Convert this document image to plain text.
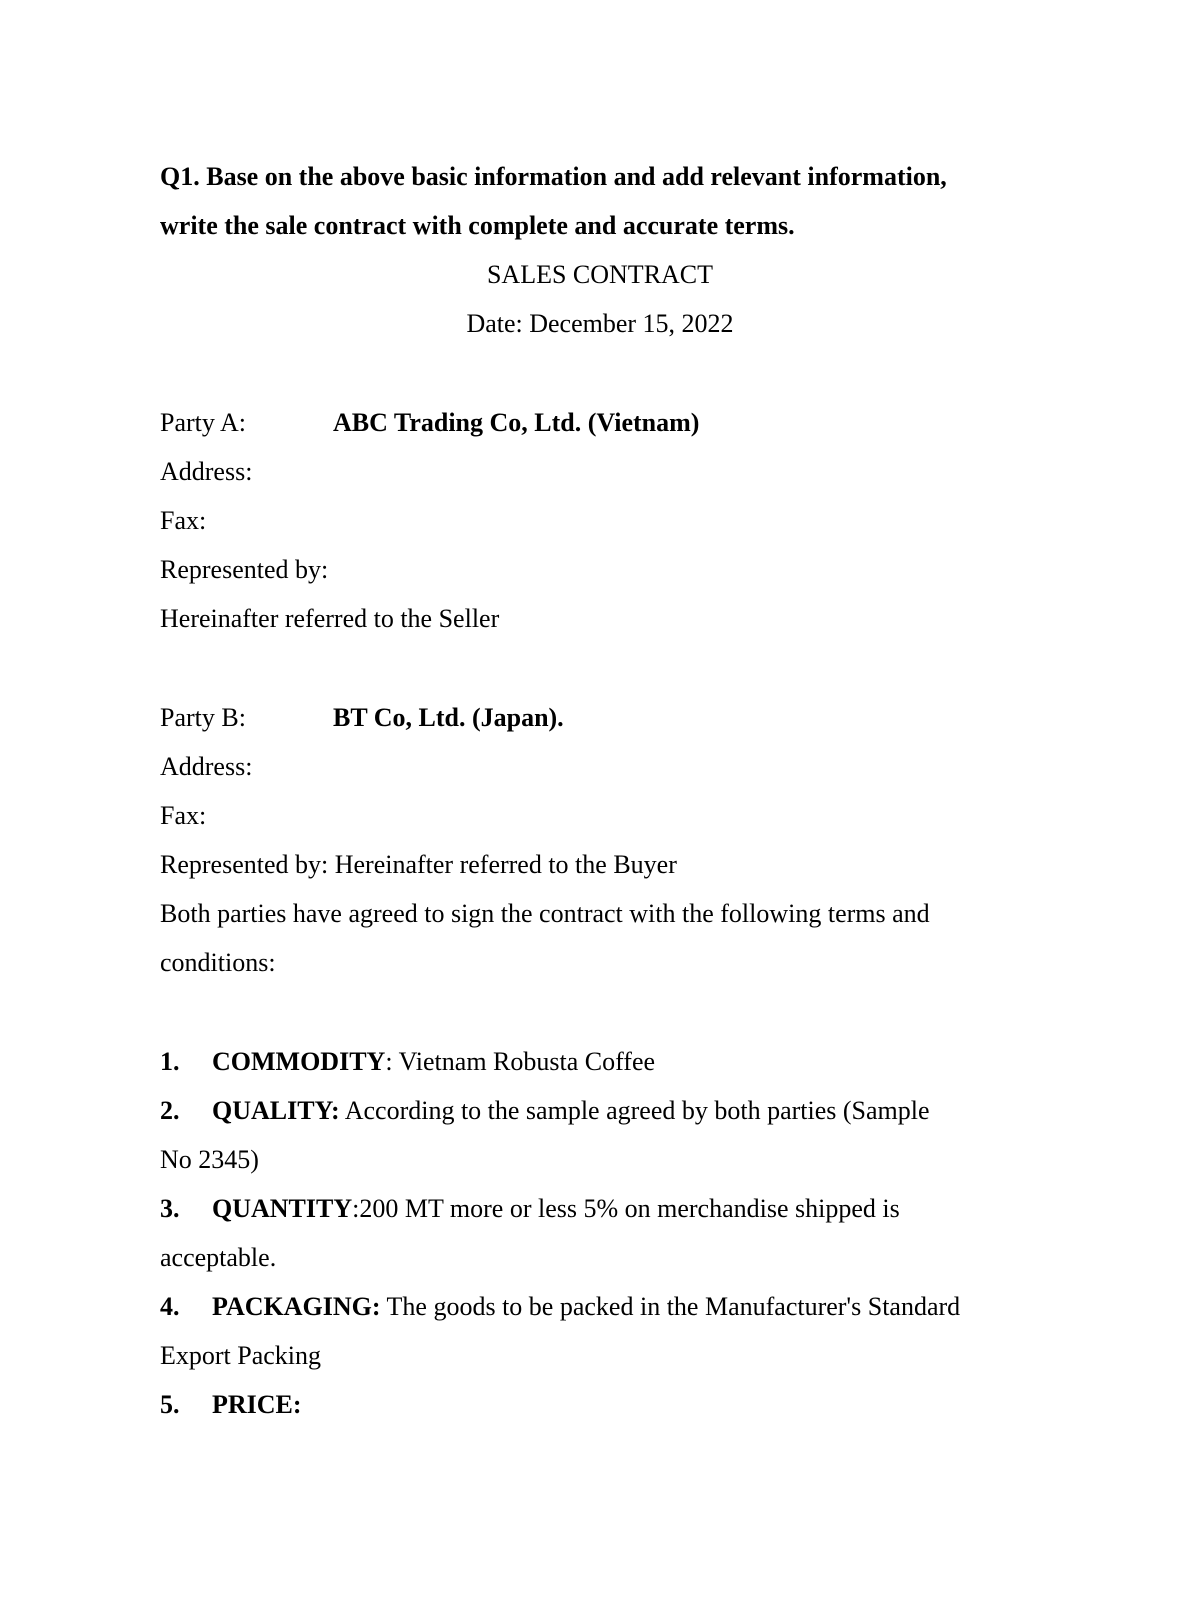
Q1. Base on the above basic information and add relevant information,
write the sale contract with complete and accurate terms.
SALES CONTRACT
Date: December 15, 2022
Party A:	ABC Trading Co, Ltd. (Vietnam)
Address:
Fax:
Represented by:
Hereinafter referred to the Seller
Party B:	BT Co, Ltd. (Japan).
Address:
Fax:
Represented by: Hereinafter referred to the Buyer
Both parties have agreed to sign the contract with the following terms and
conditions:
1. COMMODITY: Vietnam Robusta Coffee
2. QUALITY: According to the sample agreed by both parties (Sample
No 2345)
3. QUANTITY:200 MT more or less 5% on merchandise shipped is
acceptable.
4. PACKAGING: The goods to be packed in the Manufacturer's Standard
Export Packing
5. PRICE:
